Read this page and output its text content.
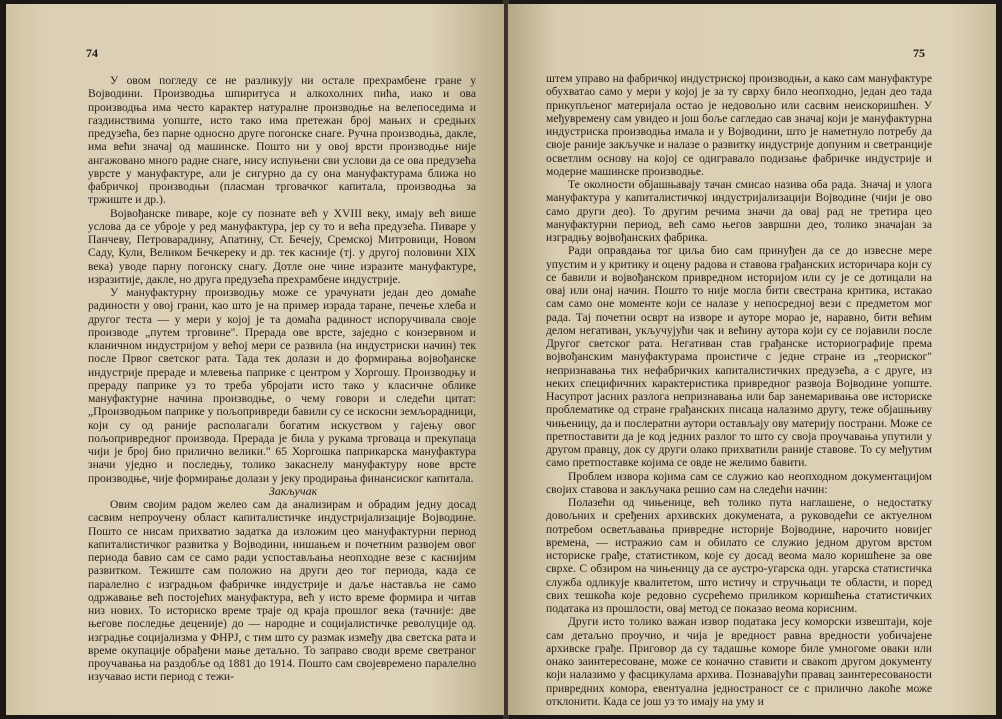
74

У овом погледу се не разликују ни остале прехрамбене гране у Војводини. Производња шпиритуса и алкохолних пића, иако и ова производња има често карактер натуралне производње на велепоседима и газдинствима уопште, исто тако има претежан број мањих и средњих предузећа, без парне односно друге погонске снаге. Ручна производња, дакле, има већи значај од машинске. Пошто ни у овој врсти производње није ангажовано много радне снаге, нису испуњени сви услови да се ова предузећа уврсте у мануфактуре, али је сигурно да су она мануфактурама ближа но фабричкој производњи (пласман трговачког капитала, производња за тржиште и др.).

Војвођанске пиваре, које су познате већ у XVIII веку, имају већ више услова да се убрoје у ред мануфактура, јер су то и већа предузећа. Пиваре у Панчеву, Петроварадину, Апатину, Ст. Бечеју, Сремској Митровици, Новом Саду, Кули, Великом Бечкереку и др. тек касније (тј. у другој половини XIX века) уводе парну погонску снагу. Дотле оне чине изразите мануфактуре, изразитије, дакле, но друга предузећа прехрамбене индустрије.

У мануфактурну производњу може се урачунати један део домаће радиности у овој грани, као што је на пример израда таране, печење хлеба и другог теста — у мери у којој је та домаћа радиност испоручивала своје производе „путем трговине". Прерада ове врсте, заједно с конзервном и кланичном индустријом у већој мери се развила (на индустриски начин) тек после Првог светског рата. Тада тек долази и до формирања војвођанске индустрије прераде и млевења паприке с центром у Хоргошу. Производњу и прераду паприке уз то треба убројати исто тако у класичне облике мануфактурне начина производње, о чему говори и следећи цитат: „Производњом паприке у пољопривреди бавили су се искосни земљорадници, који су од раније располагали богатим искуством у гајењу овог пољопривредног производа. Прерада је била у рукама трговаца и прекупаца чији је број био прилично велики." 65 Хоргошка паприкарска мануфактура значи уједно и последњу, толико закаснелу мануфактуру нове врсте производње, чије формирање долази у јеку продирања финансиског капитала.

Закључак

Овим својим радом желео сам да анализирам и обрадим једну досад сасвим непроучену област капиталистичке индустријализације Војводине. Пошто се нисам прихватио задатка да изложим цео мануфактурни период капиталистичког развитка у Војводини, нишањем и почетним развојем овог периода бавио сам се само ради успостављања неопходне везе с касниjим развитком. Тежиште сам положио на други део тог периода, када се паралелно с изградњом фабричке индустрије и даље настављa не само одржавање већ постојећих мануфактура, већ у исто време формира и читав низ нових. То историско време траје од краја прошлог века (тачније: две његове последње деценије) до — народне и социјалистичке револуције од. изградње социјализма у ФНРЈ, с тим што су размак између два светска рата и време окупације обрађени мање детаљно. То заправо своди време светраног проучавања на раздобље од 1881 до 1914. Пошто сам својевремено паралелно изучавао исти период с тежи-

75

штем управо на фабричкој индустриској производњи, а како сам мануфактуре обухватао само у мери у којој је за ту сврху било неопходно, један део тада прикупљеног материјала остао је недовољно или сасвим неискоришћен. У међувремену сам увидео и још боље сагледао сав значај који је мануфактурна индустриска производња имала и у Војводини, што је наметнуло потребу да своје раније закључке и налазе о развитку индустрије допуним и светранције осветлим основу на којој се одигравало подизање фабричке индустрије и модерне машинске производње.

Те околности објашњавају тачан смисао назива оба рада. Значај и улога мануфактура у капиталистичкој индустријализацији Војводине (чији је ово само други део). То другим речима значи да овај рад не третира цео мануфактурни период, већ само његов завршни део, толико значајан за изградњу војвођанских фабрика.

Ради оправдања тог циља био сам принуђен да се до извесне мере упустим и у критику и оцену радова и ставова грађанских историчара који су се бавили и војвођанском привредном историјом или су је се дотицали на овај или онај начин. Пошто то није могла бити свестрана критика, истакао сам само оне моменте који се налазе у непосредној вези с предметом мог рада. Тај почетни осврт на изворе и ауторе морао је, наравно, бити већим делом негативан, укључујући чак и већину аутора који су се појавили после Другог светског рата. Негативан став грађанске историографије према војвођанским мануфактурама проистиче с једне стране из „теориског" непризнавања тих нефабричких капиталистичких предузећа, а с друге, из неких специфичних карактеристика привредног развоја Војводине уопште. Насупрот јасних разлога непризнавања или бар занемаривања ове историске проблематике од стране грађанских писаца налазимо другу, теже објашњиву чињеницу, да и послератни аутори остављају ову материју пострани. Може се претпоставити да је код једних разлог то што су своја проучавања упутили у другом правцу, док су други олако прихватили раније ставове. То су међутим само претпоставке којима се овде не желимо бавити.

Проблем извора којима сам се служио као неопходном документацијом својих ставова и закључака решио сам на следећи начин:

Полазећи од чињенице, већ толико пута наглашене, о недостатку довољних и сређених архивских докумената, а руководећи се актуелном потребом осветљавања привредне историје Војводине, нарочито новијег времена, — истражио сам и обилато се служио једном другом врстом историске грађе, статистиком, које су досад веома мало коришћене за ове сврхе. С обзиром на чињеницу да се аустро-угарска одн. угарска статистичка служба одликује квалитетом, што истичу и стручњаци те области, и поред свих тешкоћа које редовно сусрећемо приликом коришћења статистичких података из прошлости, овај метод се показао веома корисним.

Други исто толико важан извор података јесу коморски извештаји, које сам детаљно проучио, и чија је вредност равна вредности уобичајене архивске грађе. Приговор да су тадашње коморе биле умногоме оваки или онако заинтересоване, може се коначно ставити и свакоm другом документу који налазимо у фасцикулама архива. Познавајући правац заинтересованости привредних комора, евентуална једностраност се с прилично лакоће може отклонити. Када се још уз то имају на уму и
